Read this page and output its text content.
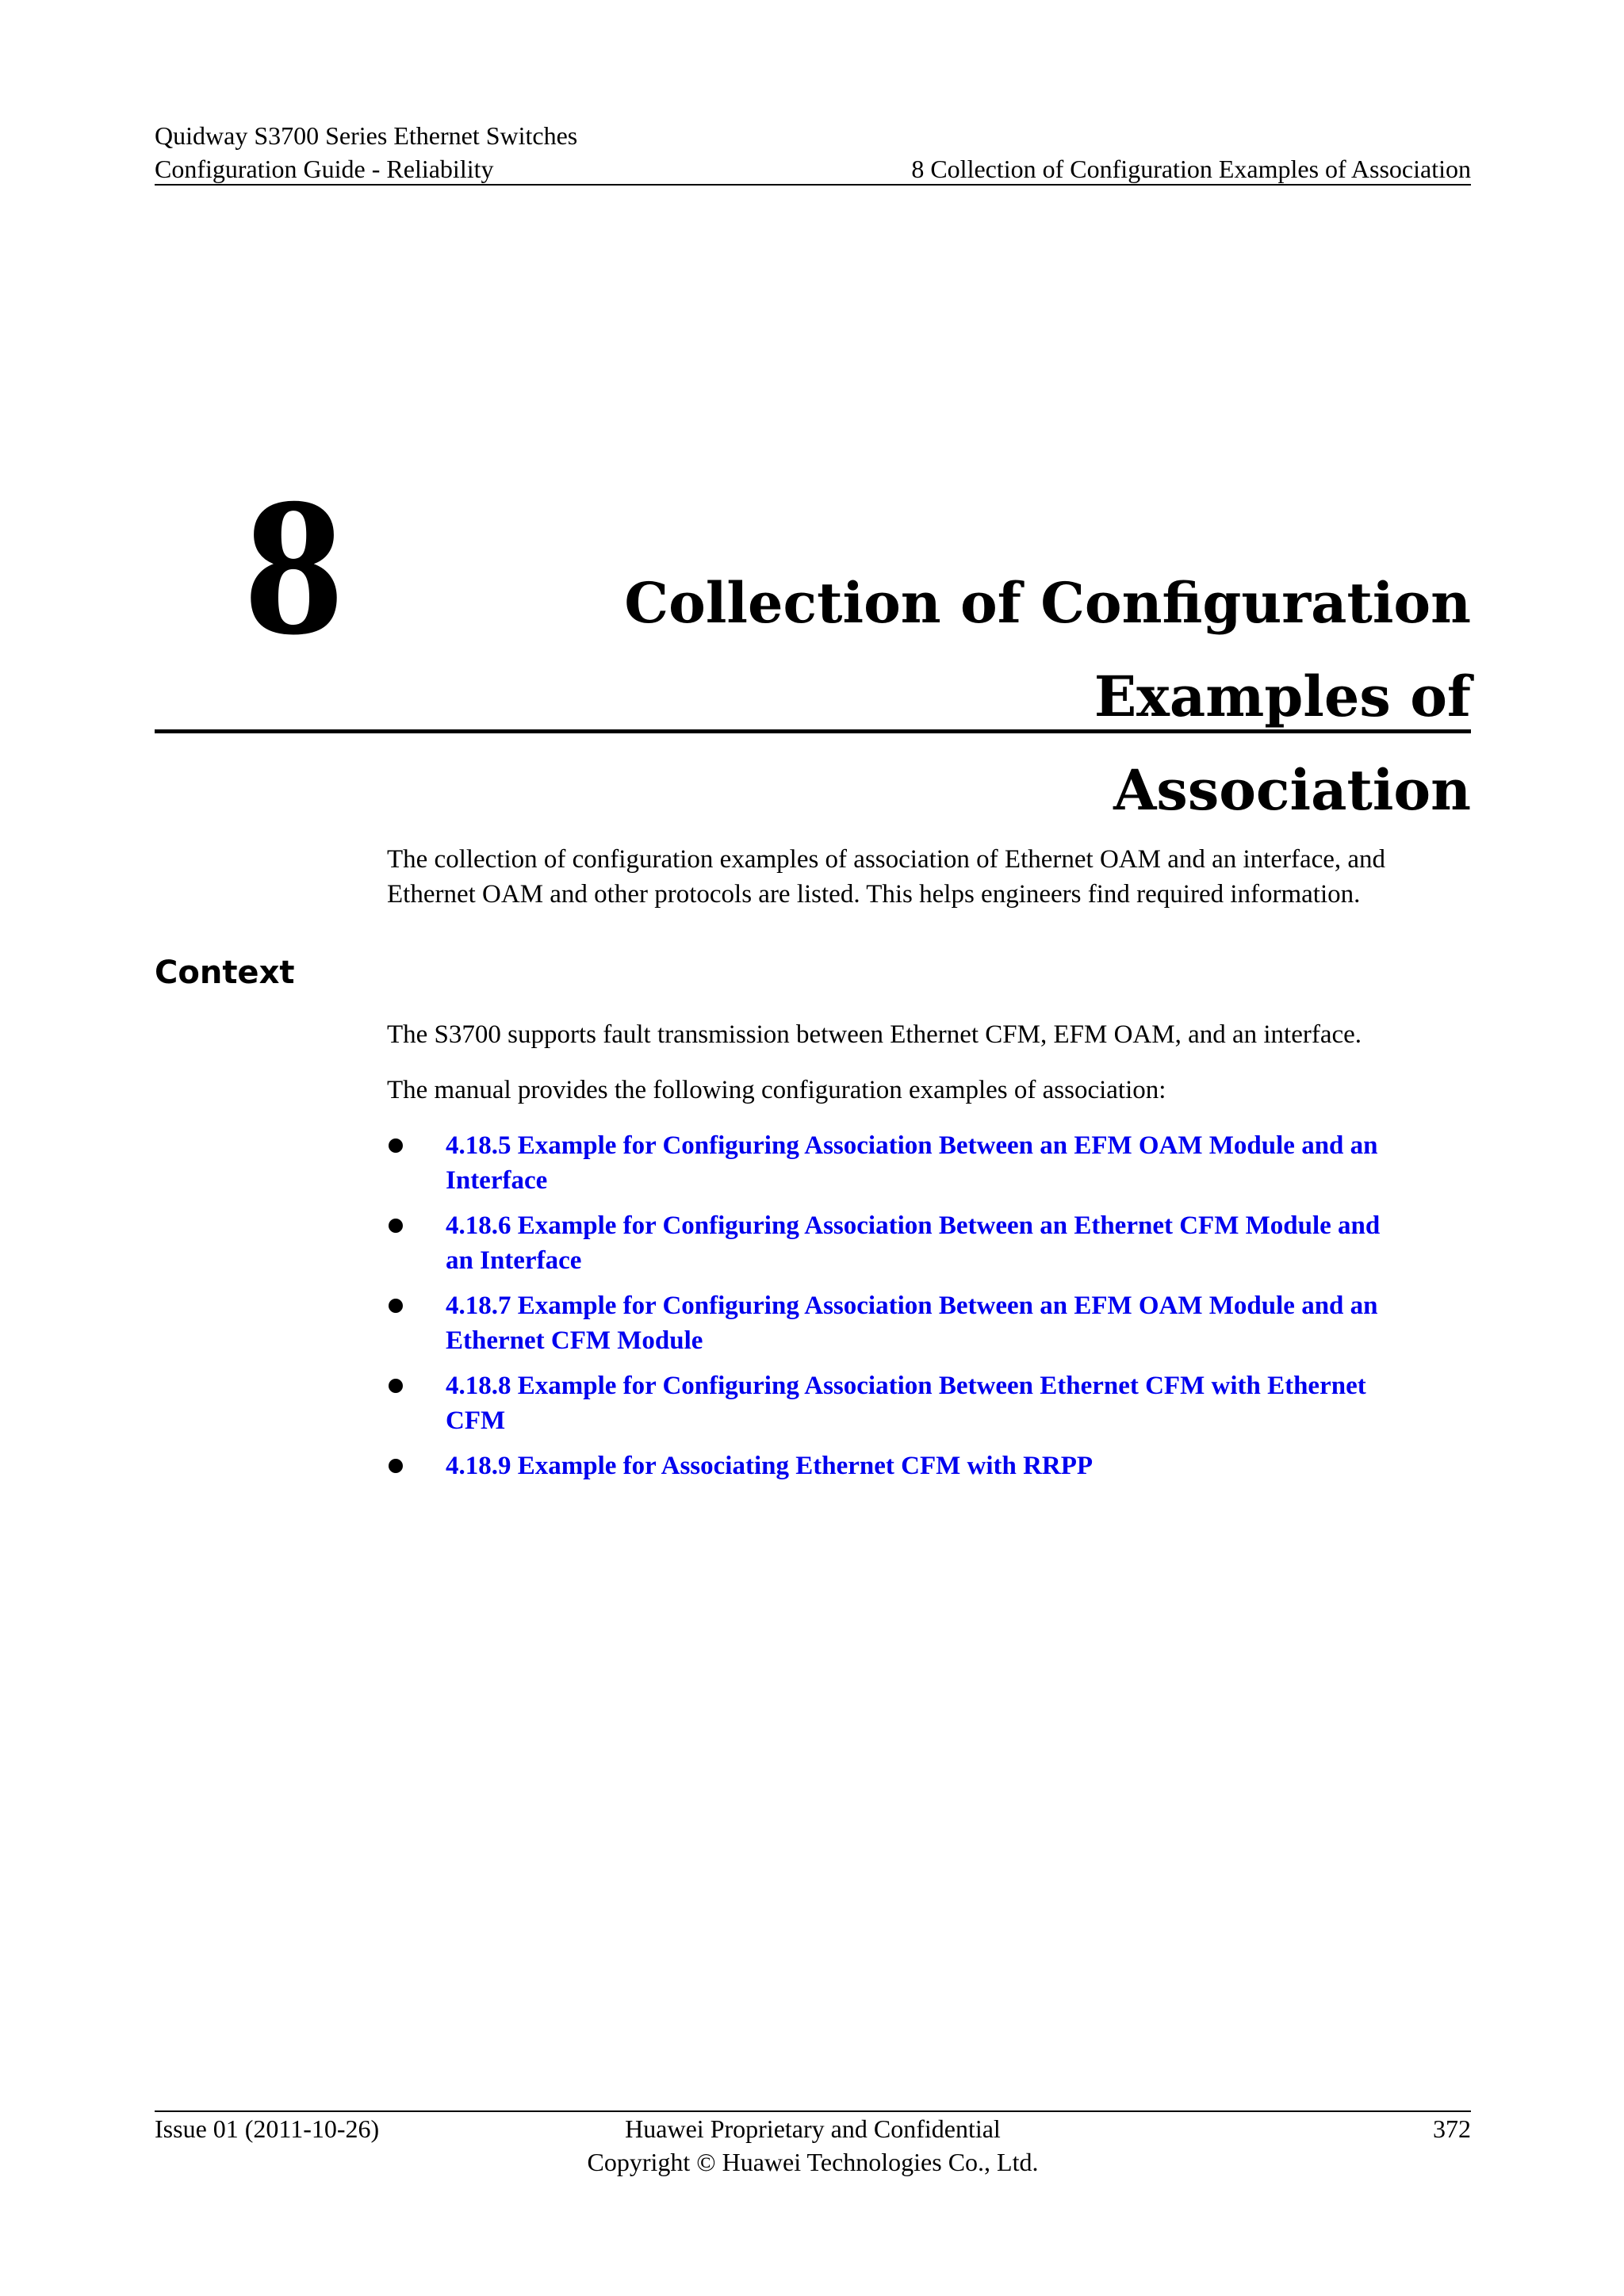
Quidway S3700 Series Ethernet Switches
Configuration Guide - Reliability	8 Collection of Configuration Examples of Association
8	Collection of Configuration Examples of
Association
The collection of configuration examples of association of Ethernet OAM and an interface, and
Ethernet OAM and other protocols are listed. This helps engineers find required information.
Context

The S3700 supports fault transmission between Ethernet CFM, EFM OAM, and an interface.

The manual provides the following configuration examples of association:

4.18.5 Example for Configuring Association Between an EFM OAM Module and an
Interface
4.18.6 Example for Configuring Association Between an Ethernet CFM Module and
an Interface
4.18.7 Example for Configuring Association Between an EFM OAM Module and an
Ethernet CFM Module
4.18.8 Example for Configuring Association Between Ethernet CFM with Ethernet
CFM
4.18.9 Example for Associating Ethernet CFM with RRPP
Issue 01 (2011-10-26)	Huawei Proprietary and Confidential
Copyright © Huawei Technologies Co., Ltd.
372
